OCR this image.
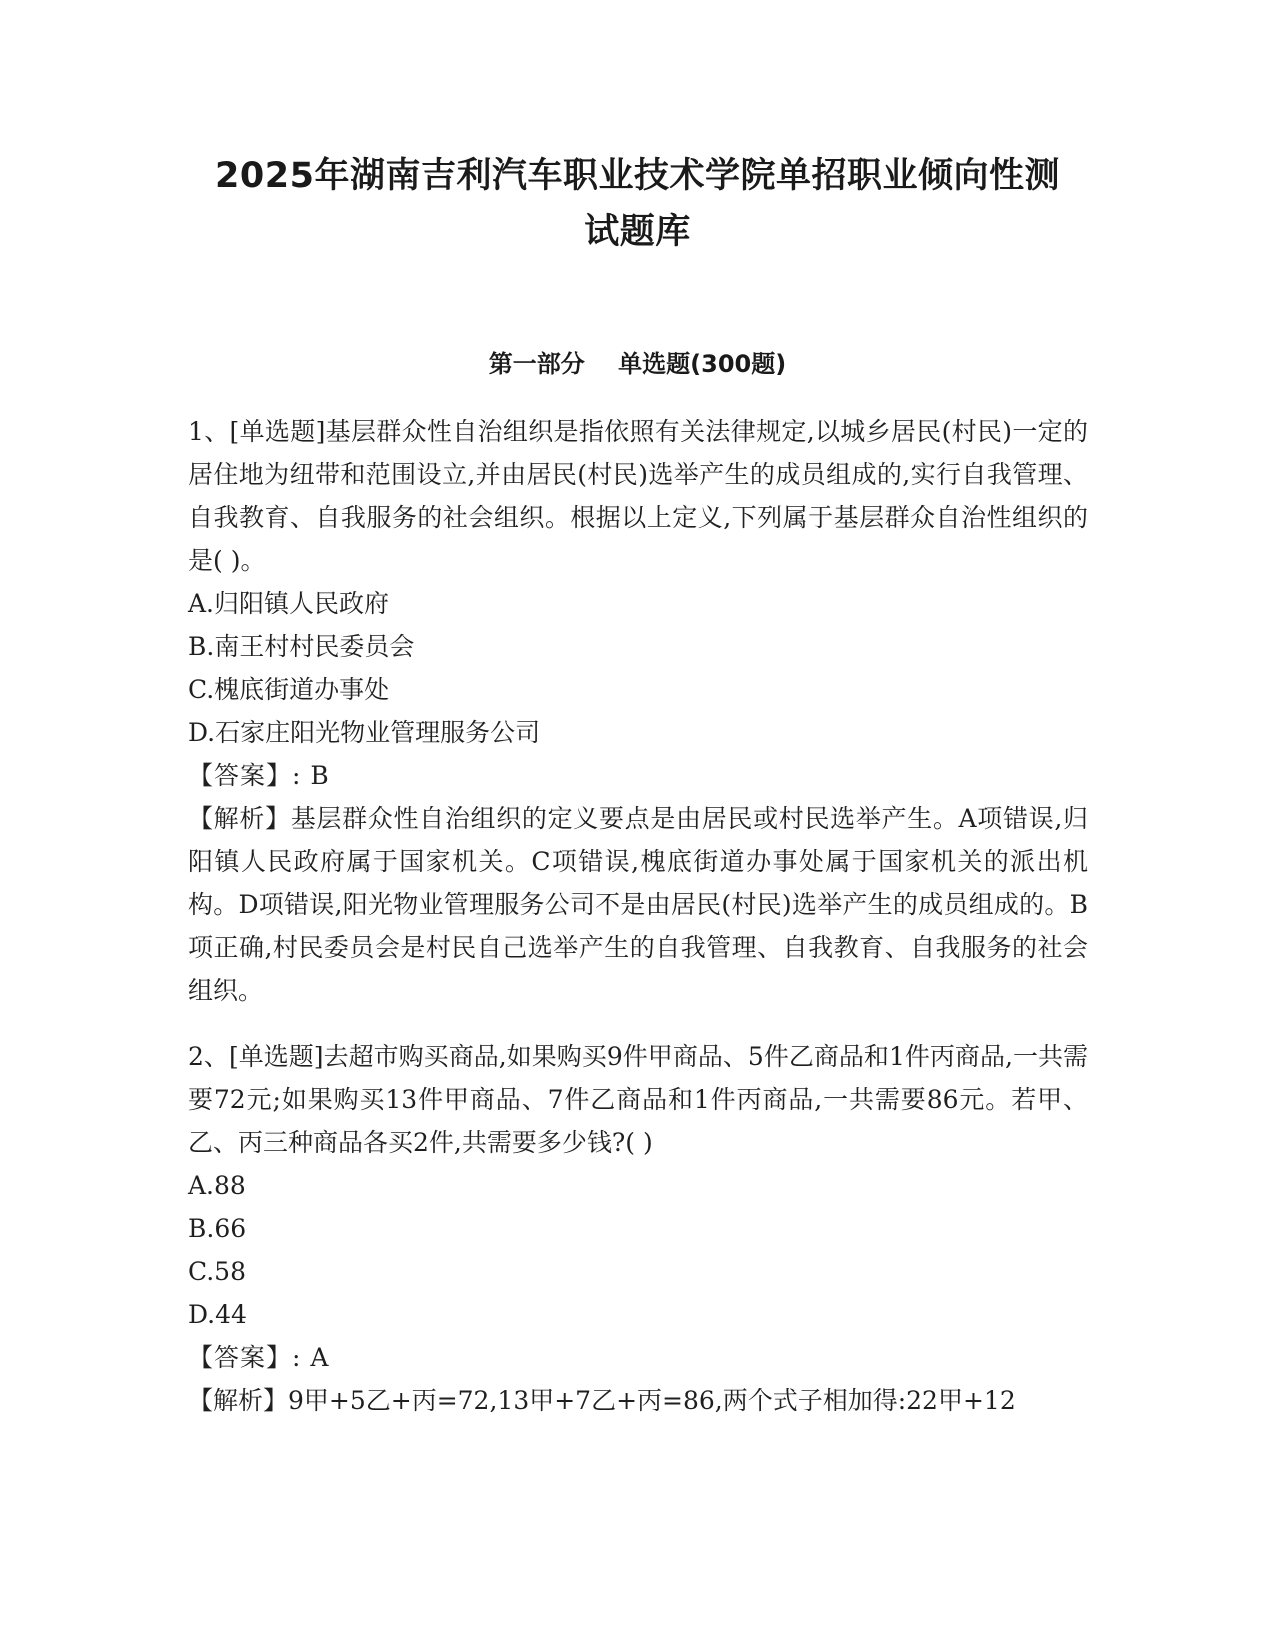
2025年湖南吉利汽车职业技术学院单招职业倾向性测
试题库
第一部分    单选题(300题)

1、[单选题]基层群众性自治组织是指依照有关法律规定,以城乡居民(村民)一定的居住地为纽带和范围设立,并由居民(村民)选举产生的成员组成的,实行自我管理、自我教育、自我服务的社会组织。根据以上定义,下列属于基层群众自治性组织的是( )。

A.归阳镇人民政府
B.南王村村民委员会
C.槐底街道办事处
D.石家庄阳光物业管理服务公司

【答案】: B

【解析】基层群众性自治组织的定义要点是由居民或村民选举产生。A项错误,归阳镇人民政府属于国家机关。C项错误,槐底街道办事处属于国家机关的派出机构。D项错误,阳光物业管理服务公司不是由居民(村民)选举产生的成员组成的。B项正确,村民委员会是村民自己选举产生的自我管理、自我教育、自我服务的社会组织。

2、[单选题]去超市购买商品,如果购买9件甲商品、5件乙商品和1件丙商品,一共需要72元;如果购买13件甲商品、7件乙商品和1件丙商品,一共需要86元。若甲、乙、丙三种商品各买2件,共需要多少钱?( )

A.88
B.66
C.58
D.44

【答案】: A

【解析】9甲+5乙+丙=72,13甲+7乙+丙=86,两个式子相加得:22甲+12
